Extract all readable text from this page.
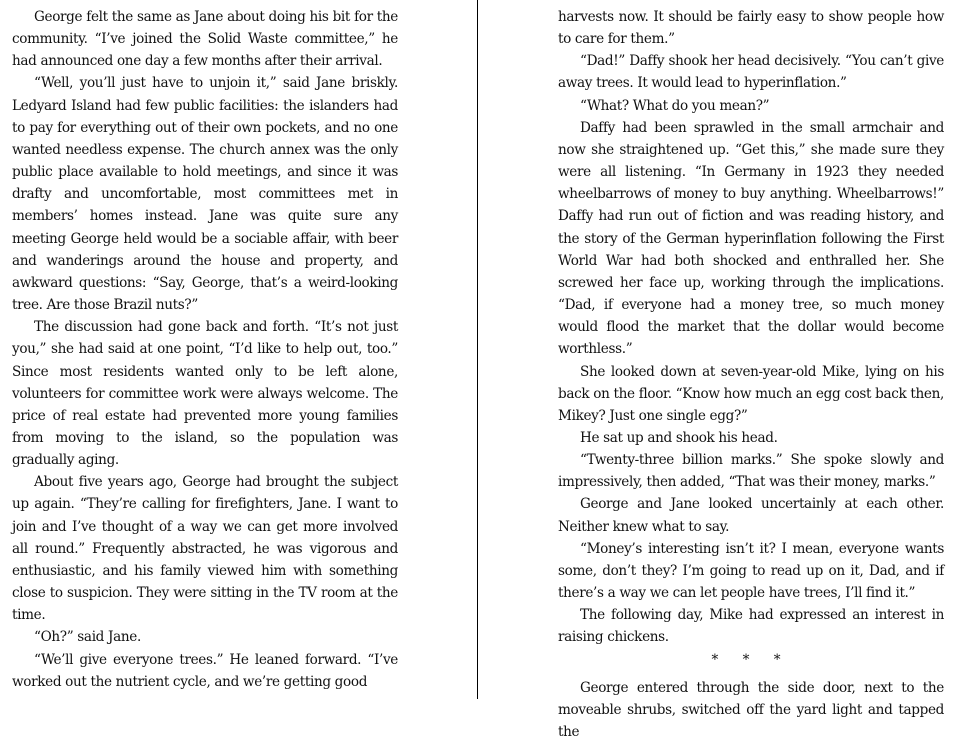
George felt the same as Jane about doing his bit for the community. “I’ve joined the Solid Waste committee,” he had announced one day a few months after their arrival.

“Well, you’ll just have to unjoin it,” said Jane briskly. Ledyard Island had few public facilities: the islanders had to pay for everything out of their own pockets, and no one wanted needless expense. The church annex was the only public place available to hold meetings, and since it was drafty and uncomfortable, most committees met in members’ homes instead. Jane was quite sure any meeting George held would be a sociable affair, with beer and wanderings around the house and property, and awkward questions: “Say, George, that’s a weird-looking tree. Are those Brazil nuts?”

The discussion had gone back and forth. “It’s not just you,” she had said at one point, “I’d like to help out, too.” Since most residents wanted only to be left alone, volunteers for committee work were always welcome. The price of real estate had prevented more young families from moving to the island, so the population was gradually aging.

About five years ago, George had brought the subject up again. “They’re calling for firefighters, Jane. I want to join and I’ve thought of a way we can get more involved all round.” Frequently abstracted, he was vigorous and enthusiastic, and his family viewed him with something close to suspicion. They were sitting in the TV room at the time.

“Oh?” said Jane.

“We’ll give everyone trees.” He leaned forward. “I’ve worked out the nutrient cycle, and we’re getting good

harvests now. It should be fairly easy to show people how to care for them.”

“Dad!” Daffy shook her head decisively. “You can’t give away trees. It would lead to hyperinflation.”

“What? What do you mean?”

Daffy had been sprawled in the small armchair and now she straightened up. “Get this,” she made sure they were all listening. “In Germany in 1923 they needed wheelbarrows of money to buy anything. Wheelbarrows!” Daffy had run out of fiction and was reading history, and the story of the German hyperinflation following the First World War had both shocked and enthralled her. She screwed her face up, working through the implications. “Dad, if everyone had a money tree, so much money would flood the market that the dollar would become worthless.”

She looked down at seven-year-old Mike, lying on his back on the floor. “Know how much an egg cost back then, Mikey? Just one single egg?”

He sat up and shook his head.

“Twenty-three billion marks.” She spoke slowly and impressively, then added, “That was their money, marks.”

George and Jane looked uncertainly at each other. Neither knew what to say.

“Money’s interesting isn’t it? I mean, everyone wants some, don’t they? I’m going to read up on it, Dad, and if there’s a way we can let people have trees, I’ll find it.”

The following day, Mike had expressed an interest in raising chickens.

* * *

George entered through the side door, next to the moveable shrubs, switched off the yard light and tapped the
